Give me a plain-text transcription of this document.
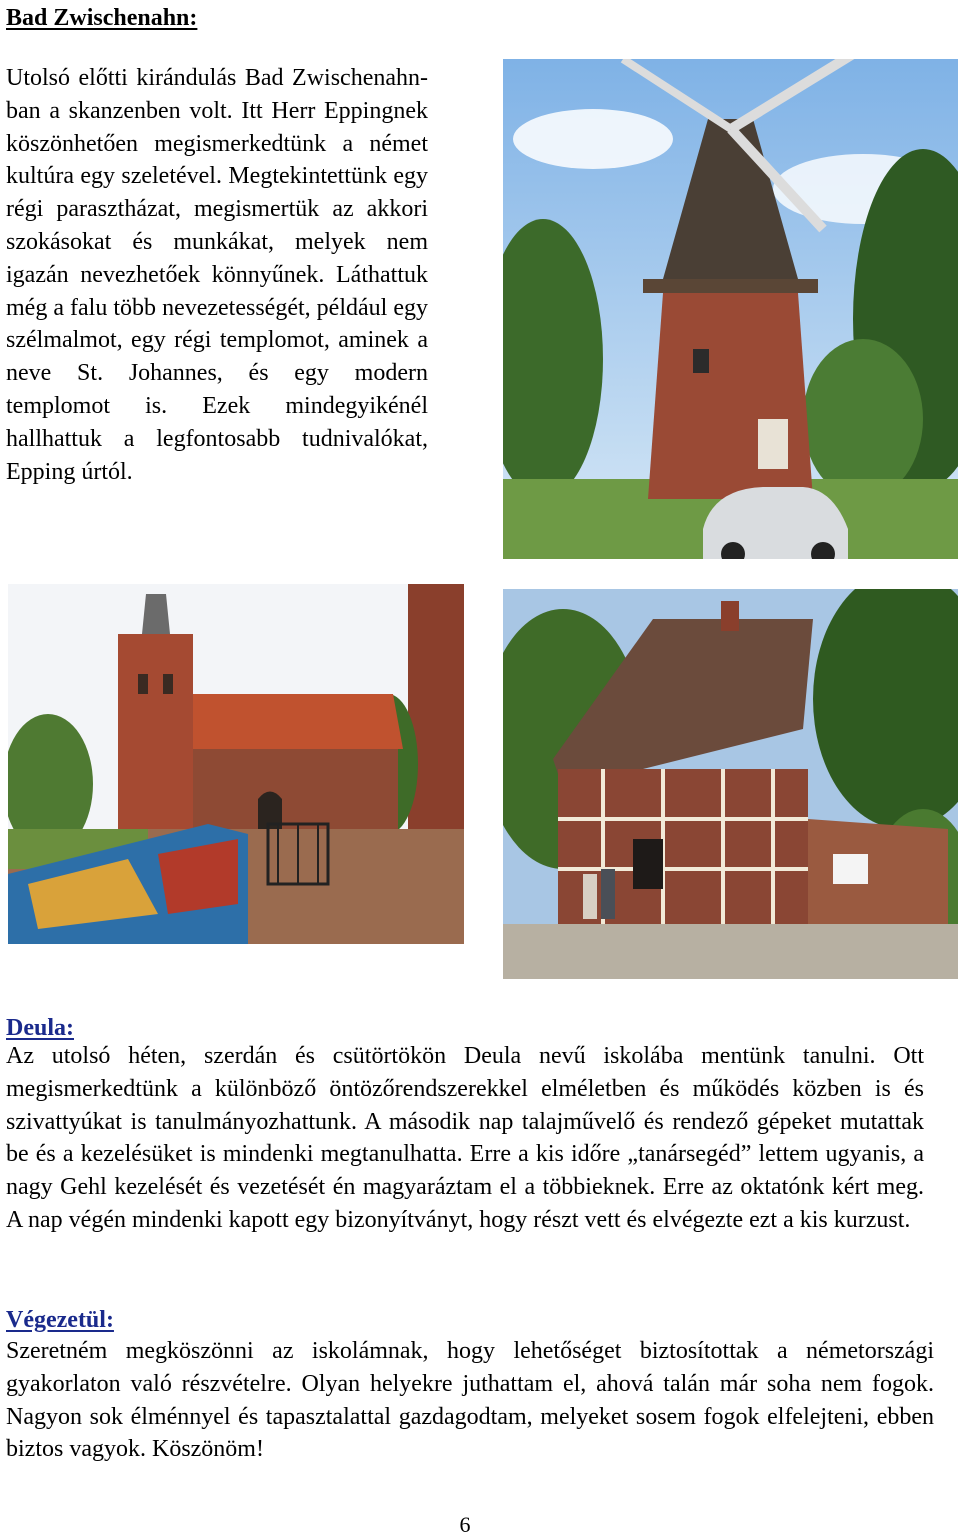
Bad Zwischenahn:

Utolsó előtti kirándulás Bad Zwischenahn-ban a skanzenben volt. Itt Herr Eppingnek köszönhetően megismerkedtünk a német kultúra egy szeletével. Megtekintettünk egy régi parasztházat, megismertük az akkori szokásokat és munkákat, melyek nem igazán nevezhetőek könnyűnek. Láthattuk még a falu több nevezetességét, például egy szélmalmot, egy régi templomot, aminek a neve St. Johannes, és egy modern templomot is. Ezek mindegyikénél hallhattuk a legfontosabb tudnivalókat, Epping úrtól.

Deula:

Az utolsó héten, szerdán és csütörtökön Deula nevű iskolába mentünk tanulni. Ott megismerkedtünk a különböző öntözőrendszerekkel elméletben és működés közben is és szivattyúkat is tanulmányozhattunk. A második nap talajművelő és rendező gépeket mutattak be és a kezelésüket is mindenki megtanulhatta. Erre a kis időre „tanársegéd” lettem ugyanis, a nagy Gehl kezelését és vezetését én magyaráztam el a többieknek. Erre az oktatónk kért meg. A nap végén mindenki kapott egy bizonyítványt, hogy részt vett és elvégezte ezt a kis kurzust.

Végezetül:

Szeretném megköszönni az iskolámnak, hogy lehetőséget biztosítottak a németországi gyakorlaton való részvételre. Olyan helyekre juthattam el, ahová talán már soha nem fogok. Nagyon sok élménnyel és tapasztalattal gazdagodtam, melyeket sosem fogok elfelejteni, ebben biztos vagyok. Köszönöm!

6
